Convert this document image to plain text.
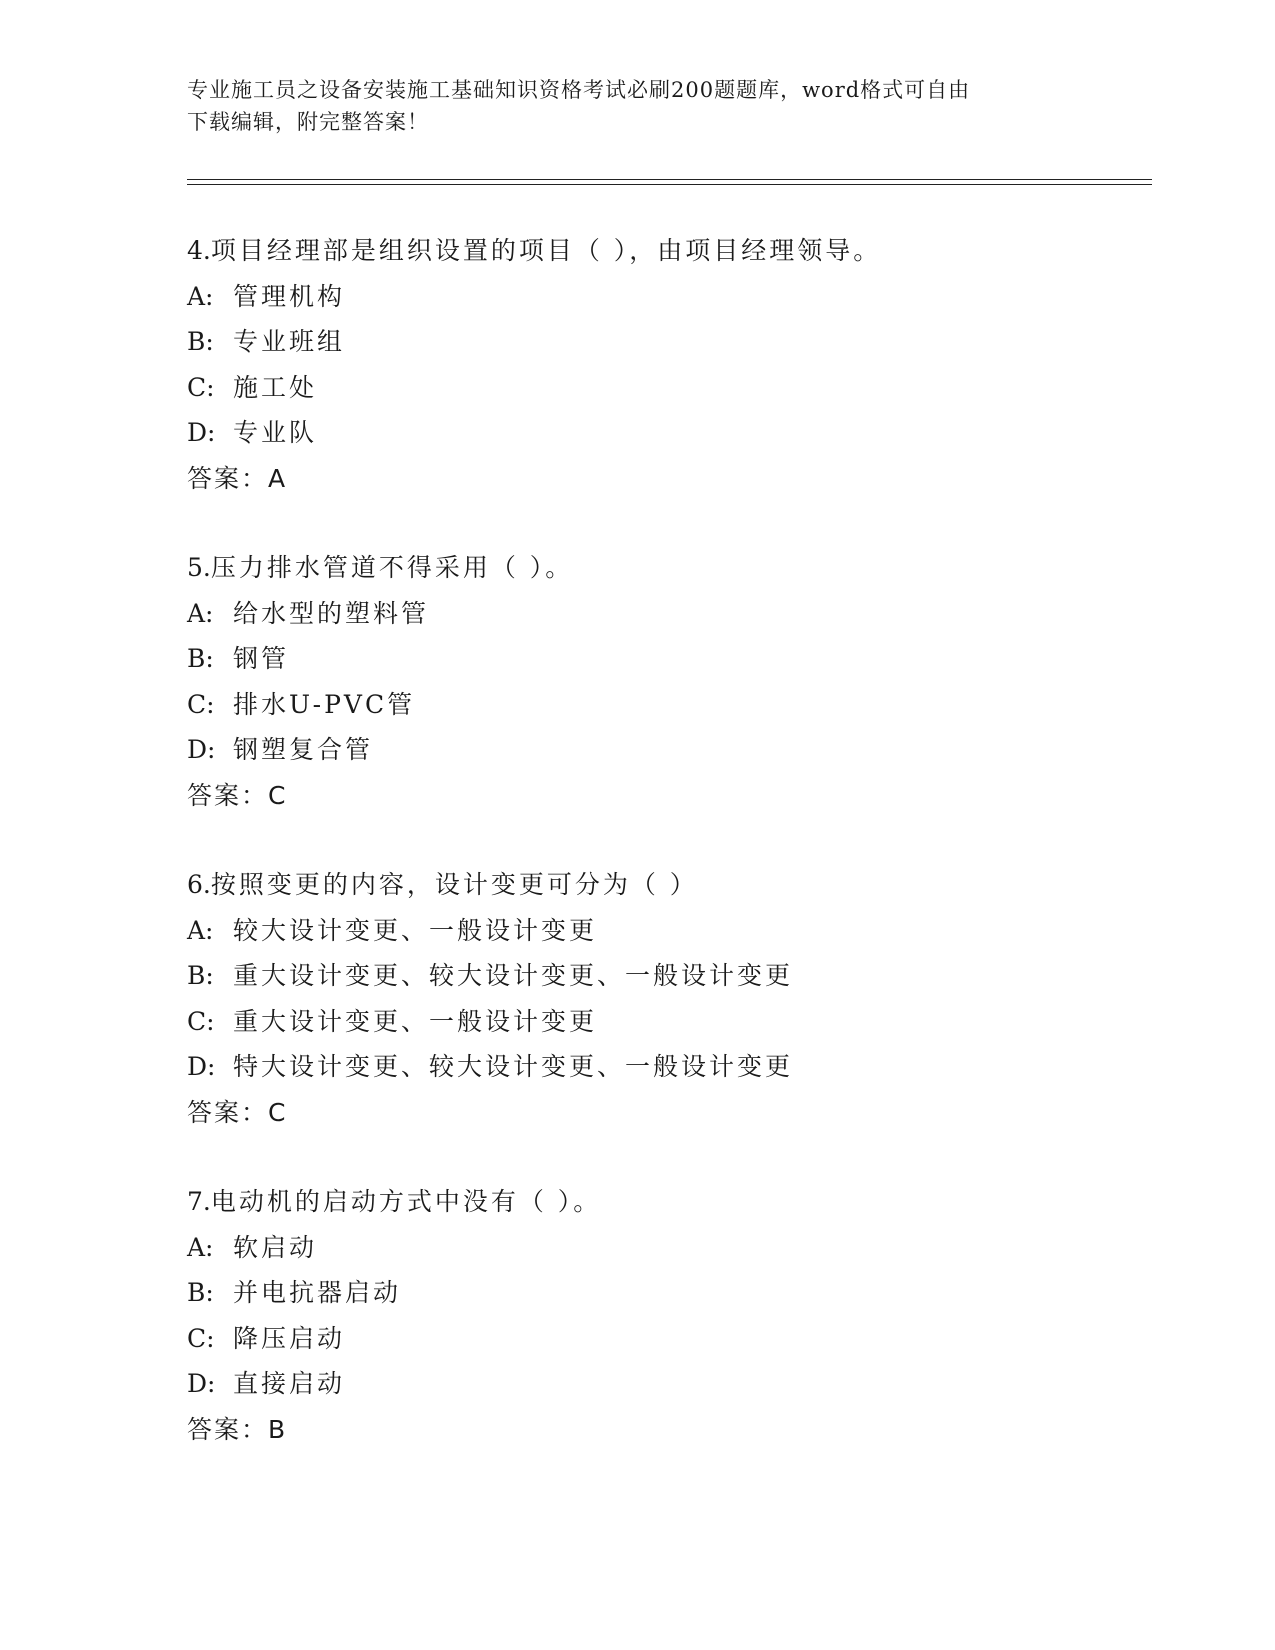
专业施工员之设备安装施工基础知识资格考试必刷200题题库，word格式可自由
下载编辑，附完整答案！
4.项目经理部是组织设置的项目（ ），由项目经理领导。
A: 管理机构
B: 专业班组
C: 施工处
D: 专业队
答案：A
5.压力排水管道不得采用（ ）。
A: 给水型的塑料管
B: 钢管
C: 排水U-PVC管
D: 钢塑复合管
答案：C
6.按照变更的内容，设计变更可分为（ ）
A: 较大设计变更、一般设计变更
B: 重大设计变更、较大设计变更、一般设计变更
C: 重大设计变更、一般设计变更
D: 特大设计变更、较大设计变更、一般设计变更
答案：C
7.电动机的启动方式中没有（ ）。
A: 软启动
B: 并电抗器启动
C: 降压启动
D: 直接启动
答案：B
